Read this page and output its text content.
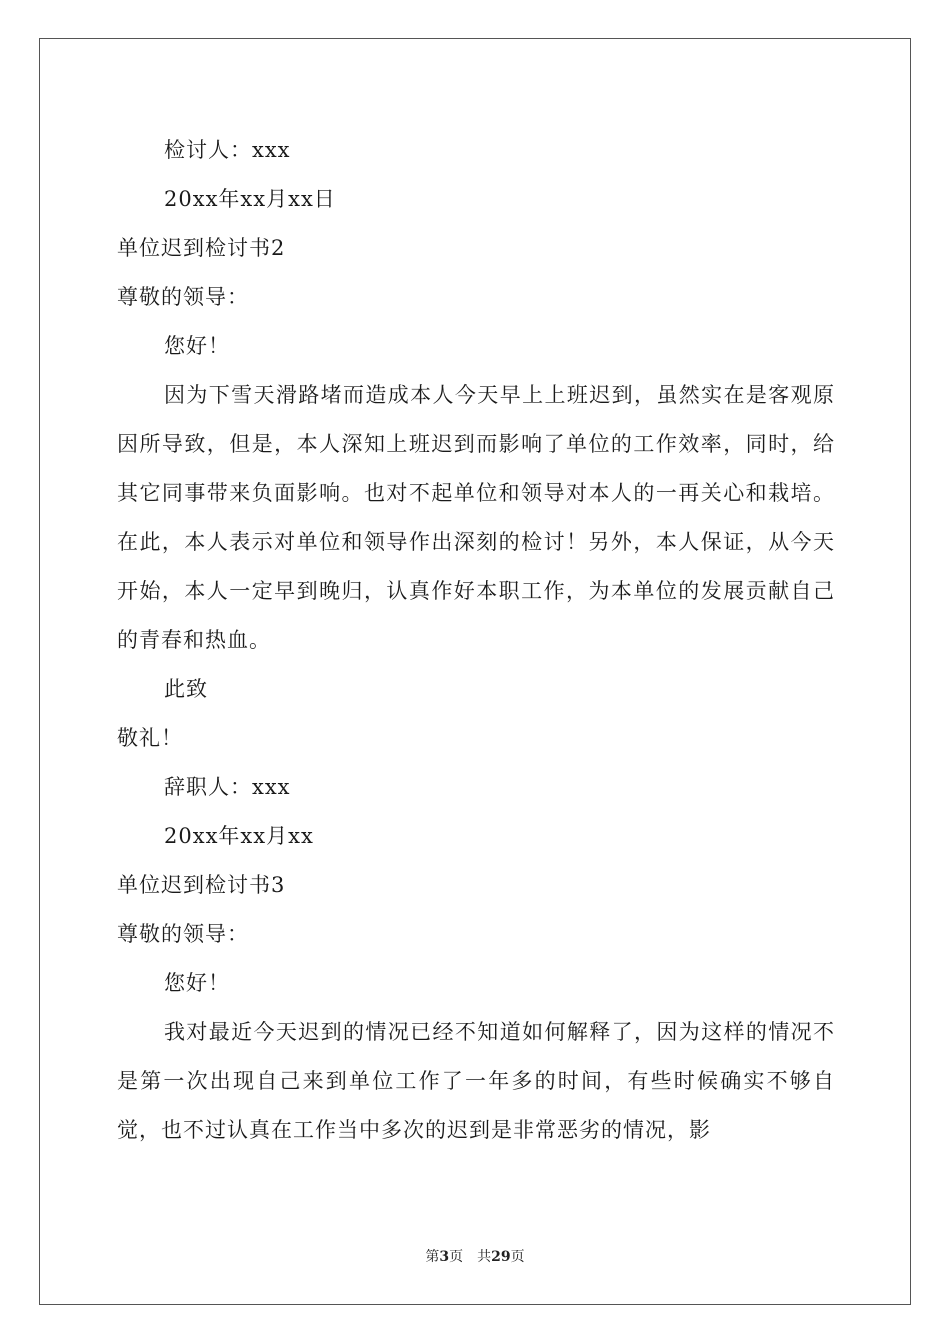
检讨人：xxx
20xx年xx月xx日
单位迟到检讨书2
尊敬的领导：
您好！
因为下雪天滑路堵而造成本人今天早上上班迟到，虽然实在是客观原因所导致，但是，本人深知上班迟到而影响了单位的工作效率，同时，给其它同事带来负面影响。也对不起单位和领导对本人的一再关心和栽培。在此，本人表示对单位和领导作出深刻的检讨！另外，本人保证，从今天开始，本人一定早到晚归，认真作好本职工作，为本单位的发展贡献自己的青春和热血。
此致
敬礼！
辞职人：xxx
20xx年xx月xx
单位迟到检讨书3
尊敬的领导：
您好！
我对最近今天迟到的情况已经不知道如何解释了，因为这样的情况不是第一次出现自己来到单位工作了一年多的时间，有些时候确实不够自觉，也不过认真在工作当中多次的迟到是非常恶劣的情况，影
第3页 共29页
